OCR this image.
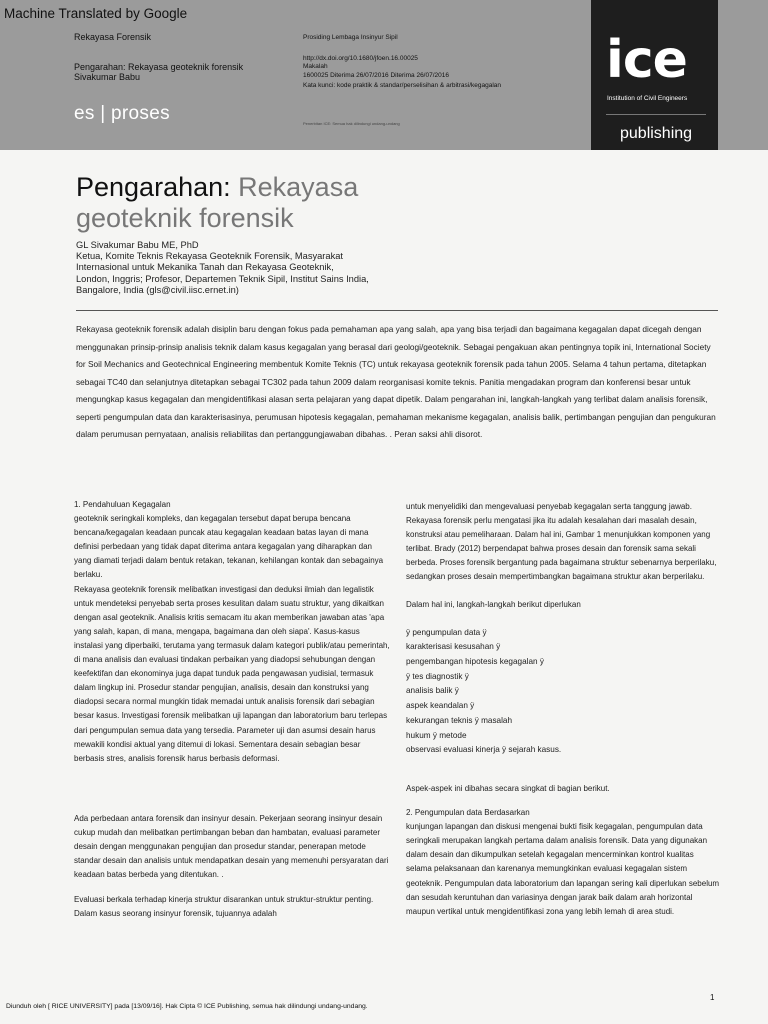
Machine Translated by Google
Rekayasa Forensik
Pengarahan: Rekayasa geoteknik forensik
Sivakumar Babu
es | proses
Prosiding Lembaga Insinyur Sipil
http://dx.doi.org/10.1680/jfoen.16.00025
Makalah
1600025 Diterima 26/07/2016 Diterima 26/07/2016
Kata kunci: kode praktik & standar/perselisihan & arbitrasi/kegagalan
Penerbitan ICE: Semua hak dilindungi undang-undang
ice
Institution of Civil Engineers
publishing
Pengarahan: Rekayasa
geoteknik forensik
GL Sivakumar Babu ME, PhD
Ketua, Komite Teknis Rekayasa Geoteknik Forensik, Masyarakat
Internasional untuk Mekanika Tanah dan Rekayasa Geoteknik,
London, Inggris; Profesor, Departemen Teknik Sipil, Institut Sains India,
Bangalore, India (gls@civil.iisc.ernet.in)
Rekayasa geoteknik forensik adalah disiplin baru dengan fokus pada pemahaman apa yang salah, apa yang bisa terjadi dan bagaimana kegagalan dapat dicegah dengan menggunakan prinsip-prinsip analisis teknik dalam kasus kegagalan yang berasal dari geologi/geoteknik. Sebagai pengakuan akan pentingnya topik ini, International Society for Soil Mechanics and Geotechnical Engineering membentuk Komite Teknis (TC) untuk rekayasa geoteknik forensik pada tahun 2005. Selama 4 tahun pertama, ditetapkan sebagai TC40 dan selanjutnya ditetapkan sebagai TC302 pada tahun 2009 dalam reorganisasi komite teknis. Panitia mengadakan program dan konferensi besar untuk mengungkap kasus kegagalan dan mengidentifikasi alasan serta pelajaran yang dapat dipetik. Dalam pengarahan ini, langkah-langkah yang terlibat dalam analisis forensik, seperti pengumpulan data dan karakterisasinya, perumusan hipotesis kegagalan, pemahaman mekanisme kegagalan, analisis balik, pertimbangan pengujian dan pengukuran dalam perumusan pernyataan, analisis reliabilitas dan pertanggungjawaban dibahas. . Peran saksi ahli disorot.

1. Pendahuluan Kegagalan

geoteknik seringkali kompleks, dan kegagalan tersebut dapat berupa bencana bencana/kegagalan keadaan puncak atau kegagalan keadaan batas layan di mana definisi perbedaan yang tidak dapat diterima antara kegagalan yang diharapkan dan yang diamati terjadi dalam bentuk retakan, tekanan, kehilangan kontak dan sebagainya berlaku.

Rekayasa geoteknik forensik melibatkan investigasi dan deduksi ilmiah dan legalistik untuk mendeteksi penyebab serta proses kesulitan dalam suatu struktur, yang dikaitkan dengan asal geoteknik. Analisis kritis semacam itu akan memberikan jawaban atas 'apa yang salah, kapan, di mana, mengapa, bagaimana dan oleh siapa'. Kasus-kasus instalasi yang diperbaiki, terutama yang termasuk dalam kategori publik/atau pemerintah, di mana analisis dan evaluasi tindakan perbaikan yang diadopsi sehubungan dengan keefektifan dan ekonominya juga dapat tunduk pada pengawasan yudisial, termasuk dalam lingkup ini. Prosedur standar pengujian, analisis, desain dan konstruksi yang diadopsi secara normal mungkin tidak memadai untuk analisis forensik dari sebagian besar kasus. Investigasi forensik melibatkan uji lapangan dan laboratorium baru terlepas dari pengumpulan semua data yang tersedia. Parameter uji dan asumsi desain harus mewakili kondisi aktual yang ditemui di lokasi. Sementara desain sebagian besar berbasis stres, analisis forensik harus berbasis deformasi.

Ada perbedaan antara forensik dan insinyur desain. Pekerjaan seorang insinyur desain cukup mudah dan melibatkan pertimbangan beban dan hambatan, evaluasi parameter desain dengan menggunakan pengujian dan prosedur standar, penerapan metode standar desain dan analisis untuk mendapatkan desain yang memenuhi persyaratan dari keadaan batas berbeda yang ditentukan. .

Evaluasi berkala terhadap kinerja struktur disarankan untuk struktur-struktur penting. Dalam kasus seorang insinyur forensik, tujuannya adalah

untuk menyelidiki dan mengevaluasi penyebab kegagalan serta tanggung jawab. Rekayasa forensik perlu mengatasi jika itu adalah kesalahan dari masalah desain, konstruksi atau pemeliharaan. Dalam hal ini, Gambar 1 menunjukkan komponen yang terlibat. Brady (2012) berpendapat bahwa proses desain dan forensik sama sekali berbeda. Proses forensik bergantung pada bagaimana struktur sebenarnya berperilaku, sedangkan proses desain mempertimbangkan bagaimana struktur akan berperilaku.

Dalam hal ini, langkah-langkah berikut diperlukan

ÿ pengumpulan data ÿ
karakterisasi kesusahan ÿ
pengembangan hipotesis kegagalan ÿ
ÿ tes diagnostik ÿ
analisis balik ÿ
aspek keandalan ÿ
kekurangan teknis ÿ masalah
hukum ÿ metode
observasi evaluasi kinerja ÿ sejarah kasus.

Aspek-aspek ini dibahas secara singkat di bagian berikut.

2. Pengumpulan data Berdasarkan

kunjungan lapangan dan diskusi mengenai bukti fisik kegagalan, pengumpulan data seringkali merupakan langkah pertama dalam analisis forensik. Data yang digunakan dalam desain dan dikumpulkan setelah kegagalan mencerminkan kontrol kualitas selama pelaksanaan dan karenanya memungkinkan evaluasi kegagalan sistem geoteknik. Pengumpulan data laboratorium dan lapangan sering kali diperlukan sebelum dan sesudah keruntuhan dan variasinya dengan jarak baik dalam arah horizontal maupun vertikal untuk mengidentifikasi zona yang lebih lemah di area studi.

1
Diunduh oleh [ RICE UNIVERSITY] pada [13/09/16]. Hak Cipta © ICE Publishing, semua hak dilindungi undang-undang.
